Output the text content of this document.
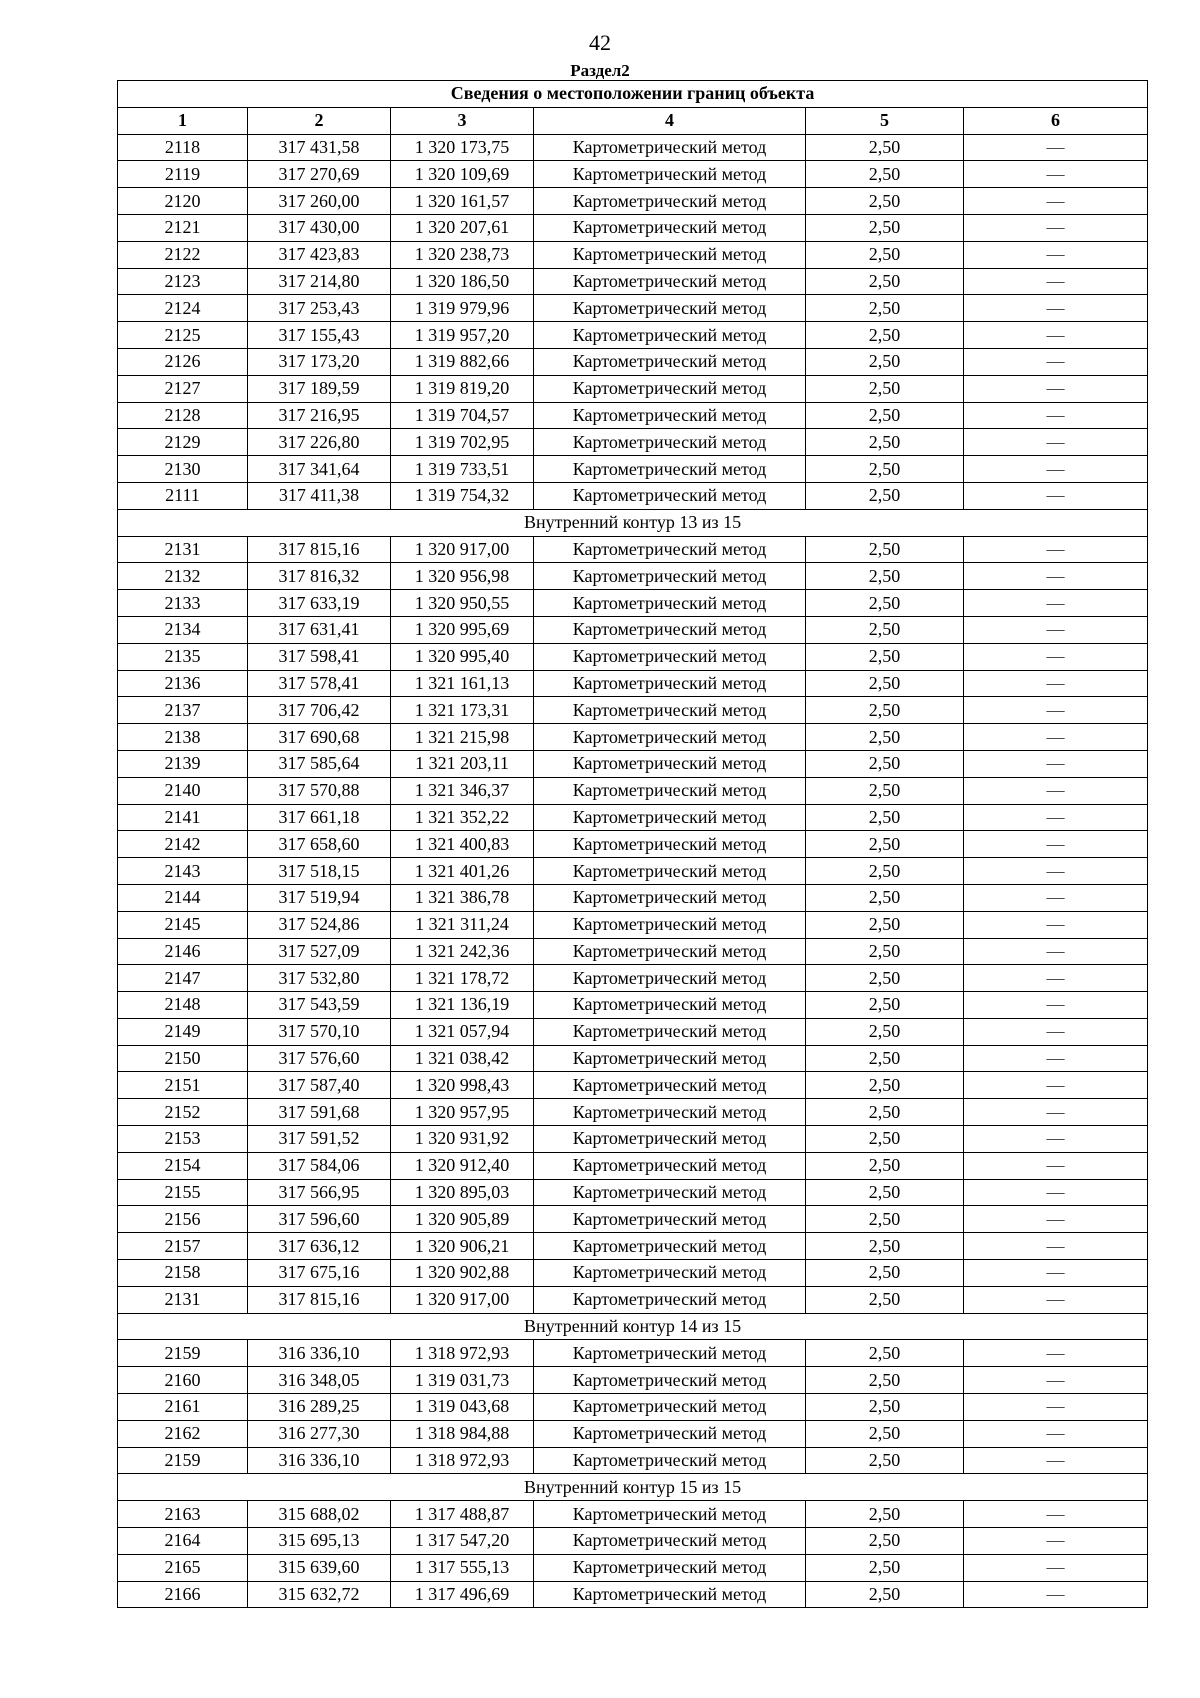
42
Раздел2
Сведения о местоположении границ объекта					
1	2	3	4	5	6
2118	317 431,58	1 320 173,75	Картометрический метод	2,50	—
2119	317 270,69	1 320 109,69	Картометрический метод	2,50	—
2120	317 260,00	1 320 161,57	Картометрический метод	2,50	—
2121	317 430,00	1 320 207,61	Картометрический метод	2,50	—
2122	317 423,83	1 320 238,73	Картометрический метод	2,50	—
2123	317 214,80	1 320 186,50	Картометрический метод	2,50	—
2124	317 253,43	1 319 979,96	Картометрический метод	2,50	—
2125	317 155,43	1 319 957,20	Картометрический метод	2,50	—
2126	317 173,20	1 319 882,66	Картометрический метод	2,50	—
2127	317 189,59	1 319 819,20	Картометрический метод	2,50	—
2128	317 216,95	1 319 704,57	Картометрический метод	2,50	—
2129	317 226,80	1 319 702,95	Картометрический метод	2,50	—
2130	317 341,64	1 319 733,51	Картометрический метод	2,50	—
2111	317 411,38	1 319 754,32	Картометрический метод	2,50	—
Внутренний контур 13 из 15					
2131	317 815,16	1 320 917,00	Картометрический метод	2,50	—
2132	317 816,32	1 320 956,98	Картометрический метод	2,50	—
2133	317 633,19	1 320 950,55	Картометрический метод	2,50	—
2134	317 631,41	1 320 995,69	Картометрический метод	2,50	—
2135	317 598,41	1 320 995,40	Картометрический метод	2,50	—
2136	317 578,41	1 321 161,13	Картометрический метод	2,50	—
2137	317 706,42	1 321 173,31	Картометрический метод	2,50	—
2138	317 690,68	1 321 215,98	Картометрический метод	2,50	—
2139	317 585,64	1 321 203,11	Картометрический метод	2,50	—
2140	317 570,88	1 321 346,37	Картометрический метод	2,50	—
2141	317 661,18	1 321 352,22	Картометрический метод	2,50	—
2142	317 658,60	1 321 400,83	Картометрический метод	2,50	—
2143	317 518,15	1 321 401,26	Картометрический метод	2,50	—
2144	317 519,94	1 321 386,78	Картометрический метод	2,50	—
2145	317 524,86	1 321 311,24	Картометрический метод	2,50	—
2146	317 527,09	1 321 242,36	Картометрический метод	2,50	—
2147	317 532,80	1 321 178,72	Картометрический метод	2,50	—
2148	317 543,59	1 321 136,19	Картометрический метод	2,50	—
2149	317 570,10	1 321 057,94	Картометрический метод	2,50	—
2150	317 576,60	1 321 038,42	Картометрический метод	2,50	—
2151	317 587,40	1 320 998,43	Картометрический метод	2,50	—
2152	317 591,68	1 320 957,95	Картометрический метод	2,50	—
2153	317 591,52	1 320 931,92	Картометрический метод	2,50	—
2154	317 584,06	1 320 912,40	Картометрический метод	2,50	—
2155	317 566,95	1 320 895,03	Картометрический метод	2,50	—
2156	317 596,60	1 320 905,89	Картометрический метод	2,50	—
2157	317 636,12	1 320 906,21	Картометрический метод	2,50	—
2158	317 675,16	1 320 902,88	Картометрический метод	2,50	—
2131	317 815,16	1 320 917,00	Картометрический метод	2,50	—
Внутренний контур 14 из 15					
2159	316 336,10	1 318 972,93	Картометрический метод	2,50	—
2160	316 348,05	1 319 031,73	Картометрический метод	2,50	—
2161	316 289,25	1 319 043,68	Картометрический метод	2,50	—
2162	316 277,30	1 318 984,88	Картометрический метод	2,50	—
2159	316 336,10	1 318 972,93	Картометрический метод	2,50	—
Внутренний контур 15 из 15					
2163	315 688,02	1 317 488,87	Картометрический метод	2,50	—
2164	315 695,13	1 317 547,20	Картометрический метод	2,50	—
2165	315 639,60	1 317 555,13	Картометрический метод	2,50	—
2166	315 632,72	1 317 496,69	Картометрический метод	2,50	—
